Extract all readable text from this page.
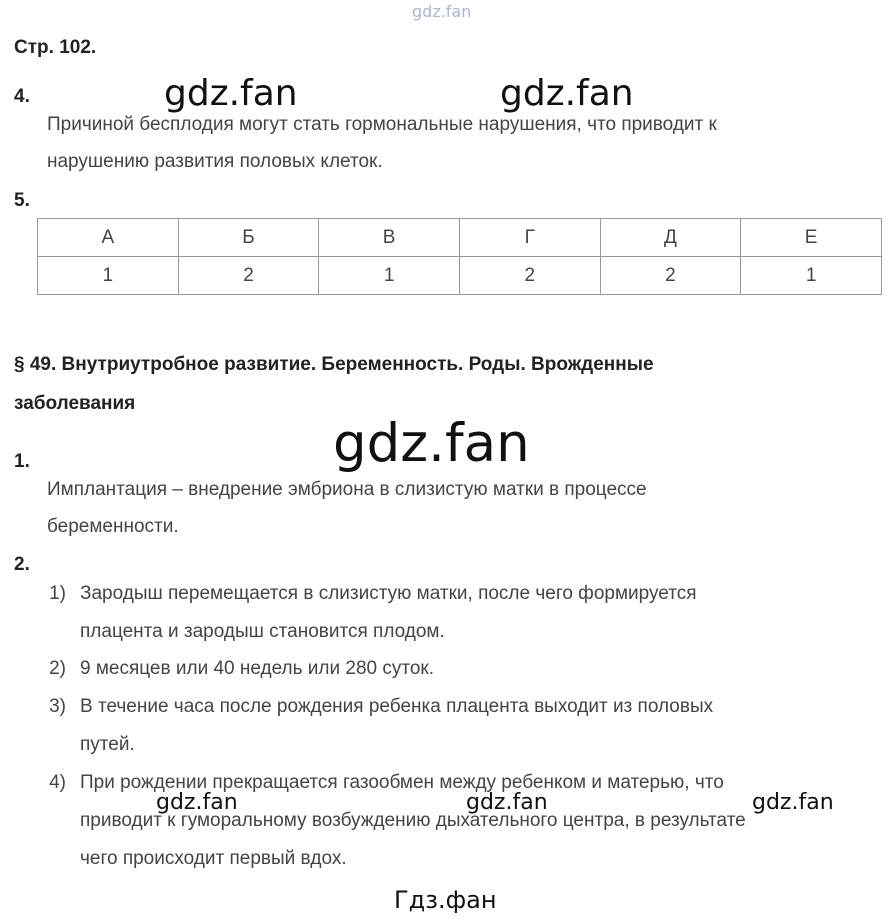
gdz.fan
Стр. 102.
4.	gdz.fan	gdz.fan
Причиной бесплодия могут стать гормональные нарушения, что приводит к
нарушению развития половых клеток.
5.
А	Б	В	Г	Д	Е
1	2	1	2	2	1
§ 49. Внутриутробное развитие. Беременность. Роды. Врожденные
заболевания
gdz.fan
1.
Имплантация – внедрение эмбриона в слизистую матки в процессе
беременности.
2.
1) Зародыш перемещается в слизистую матки, после чего формируется
плацента и зародыш становится плодом.
2) 9 месяцев или 40 недель или 280 суток.
3) В течение часа после рождения ребенка плацента выходит из половых
путей.
4) При рождении прекращается газообмен между ребенком и матерью, что
приводит к гуморальному возбуждению дыхательного центра, в результате
чего происходит первый вдох.
gdz.fan	gdz.fan	gdz.fan
Гдз.фан
